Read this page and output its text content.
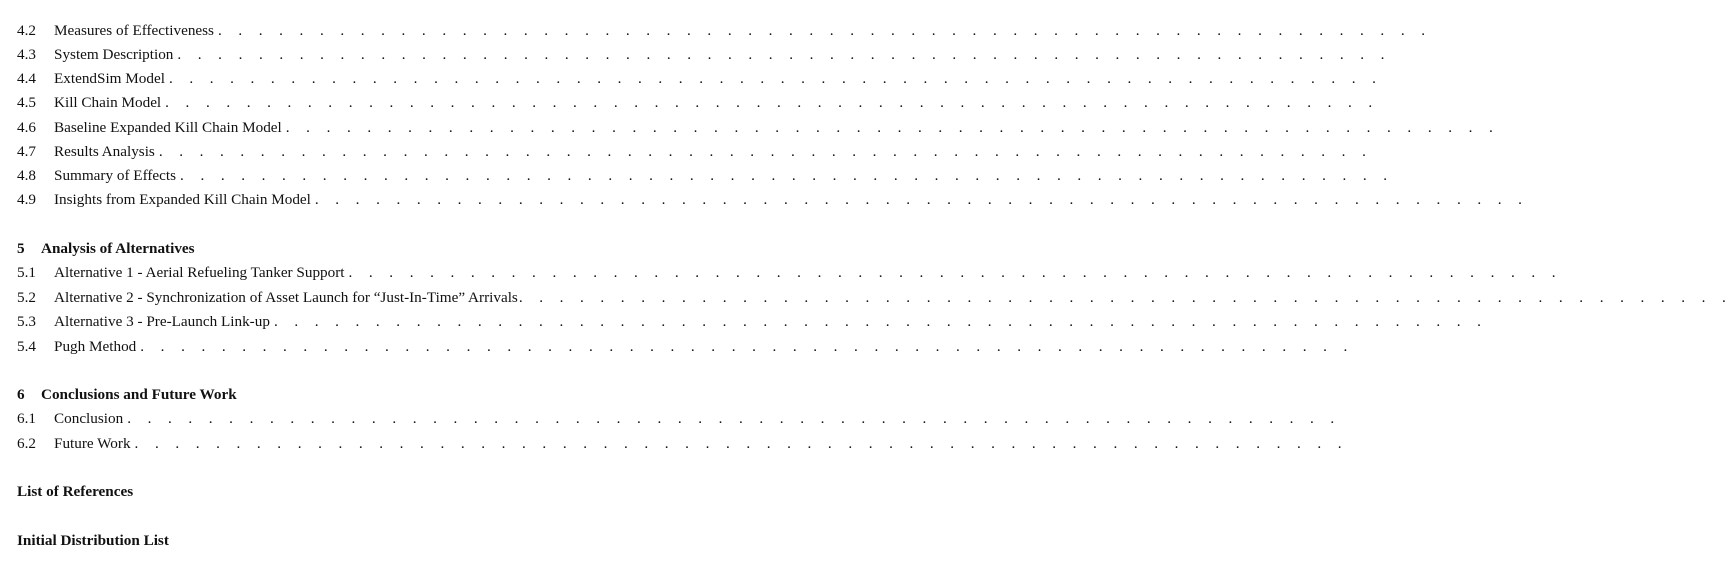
4.2	Measures of Effectiveness . . . . . . . . . . . . . . . . . . . . . . . . . . . . . . . . . . . . . . . . . . . . . . . . . . . . . . . . . . . .
4.3	System Description . . . . . . . . . . . . . . . . . . . . . . . . . . . . . . . . . . . . . . . . . . . . . . . . . . . . . . . . . . . .
4.4	ExtendSim Model . . . . . . . . . . . . . . . . . . . . . . . . . . . . . . . . . . . . . . . . . . . . . . . . . . . . . . . . . . . .
4.5	Kill Chain Model . . . . . . . . . . . . . . . . . . . . . . . . . . . . . . . . . . . . . . . . . . . . . . . . . . . . . . . . . . . .
4.6	Baseline Expanded Kill Chain Model . . . . . . . . . . . . . . . . . . . . . . . . . . . . . . . . . . . . . . . . . . . . . . . . . . . . . . . . . . . .
4.7	Results Analysis . . . . . . . . . . . . . . . . . . . . . . . . . . . . . . . . . . . . . . . . . . . . . . . . . . . . . . . . . . . .
4.8	Summary of Effects . . . . . . . . . . . . . . . . . . . . . . . . . . . . . . . . . . . . . . . . . . . . . . . . . . . . . . . . . . . .
4.9	Insights from Expanded Kill Chain Model . . . . . . . . . . . . . . . . . . . . . . . . . . . . . . . . . . . . . . . . . . . . . . . . . . . . . . . . . . . .
5 Analysis of Alternatives
5.1	Alternative 1 - Aerial Refueling Tanker Support . . . . . . . . . . . . . . . . . . . . . . . . . . . . . . . . . . . . . . . . . . . . . . . . . . . . . . . . . . . .
5.2	Alternative 2 - Synchronization of Asset Launch for “Just-In-Time” Arrivals . . . . . . . . . . . . . . . . . . . . . . . . . . . . . . . . . . . . . . . . . . . . . . . . . . . . . . . . . . . .
5.3	Alternative 3 - Pre-Launch Link-up . . . . . . . . . . . . . . . . . . . . . . . . . . . . . . . . . . . . . . . . . . . . . . . . . . . . . . . . . . . .
5.4	Pugh Method . . . . . . . . . . . . . . . . . . . . . . . . . . . . . . . . . . . . . . . . . . . . . . . . . . . . . . . . . . . .
6 Conclusions and Future Work
6.1	Conclusion . . . . . . . . . . . . . . . . . . . . . . . . . . . . . . . . . . . . . . . . . . . . . . . . . . . . . . . . . . . .
6.2	Future Work . . . . . . . . . . . . . . . . . . . . . . . . . . . . . . . . . . . . . . . . . . . . . . . . . . . . . . . . . . . .
List of References
Initial Distribution List
